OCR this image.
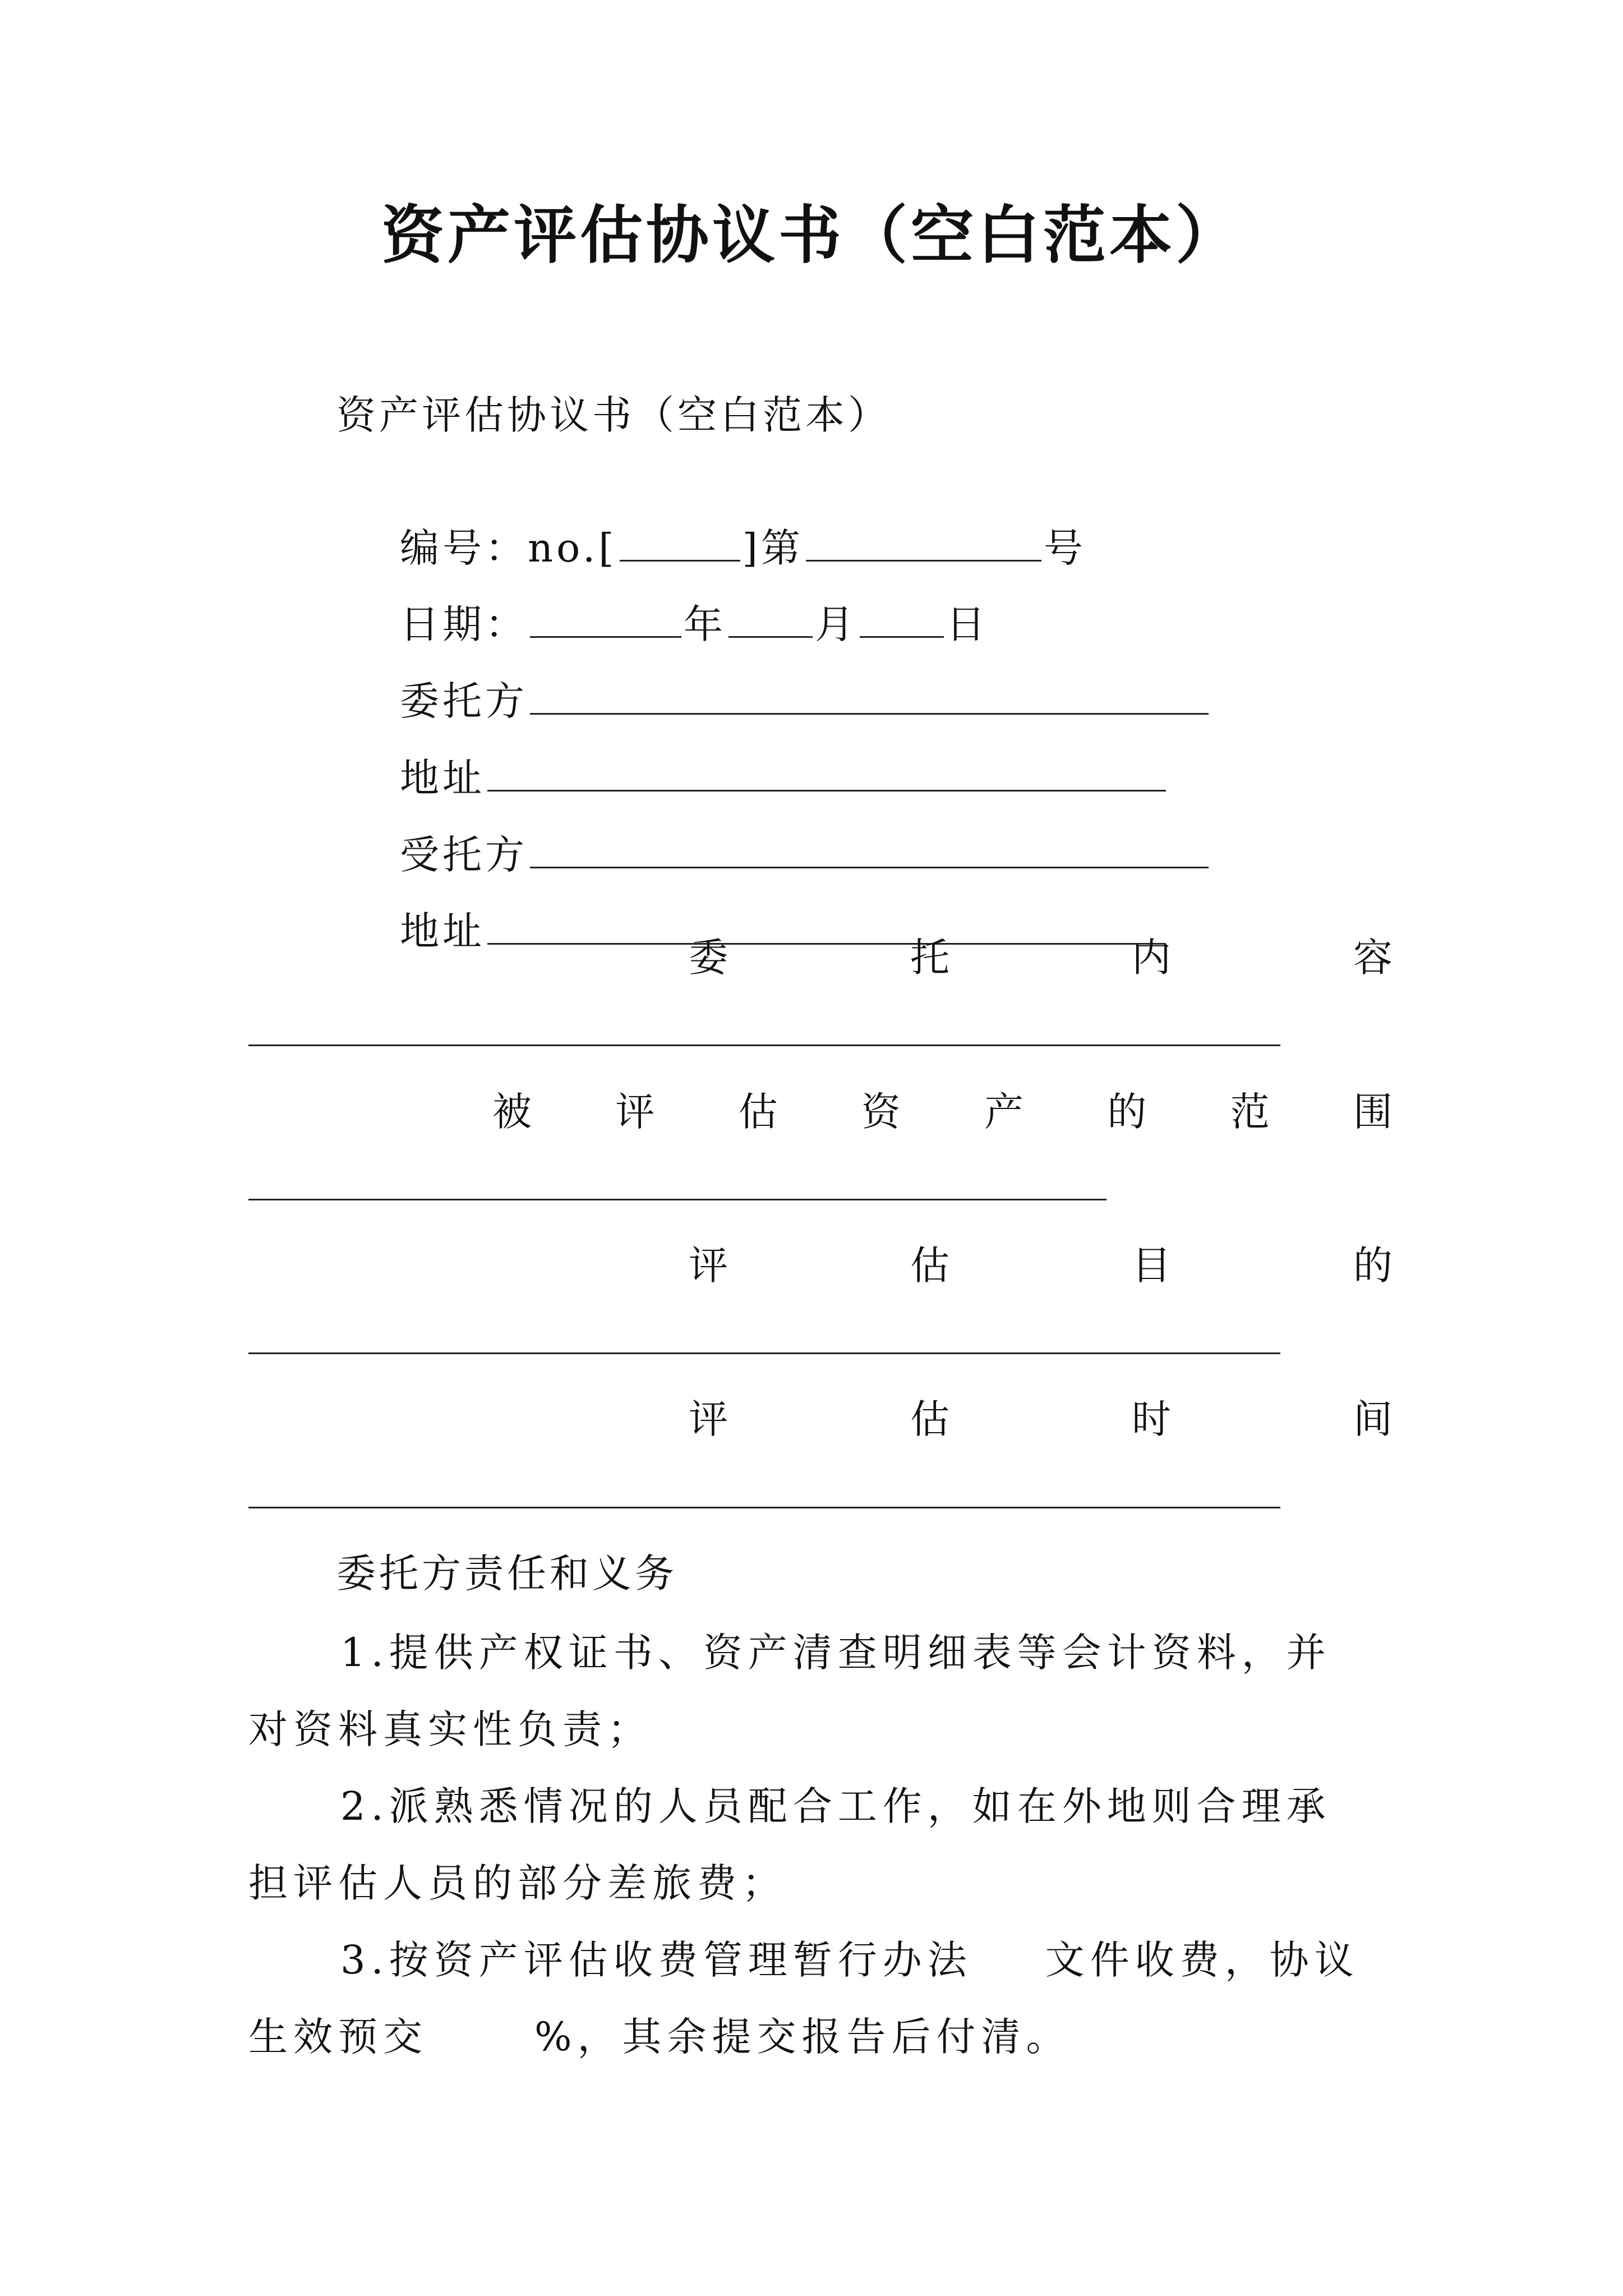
资产评估协议书（空白范本）
资产评估协议书（空白范本）

编号：no.[	]第	号

日期：	年 月 日

委托方

地址

受托方

地址

委	托	内	容
被 评 估 资 产 的 范 围
评	估	目	的
评	估	时	间
委托方责任和义务
1.提供产权证书、资产清查明细表等会计资料，并对资料真实性负责；
2.派熟悉情况的人员配合工作，如在外地则合理承担评估人员的部分差旅费；
3.按资产评估收费管理暂行办法 文件收费，协议生效预交	%，其余提交报告后付清。
